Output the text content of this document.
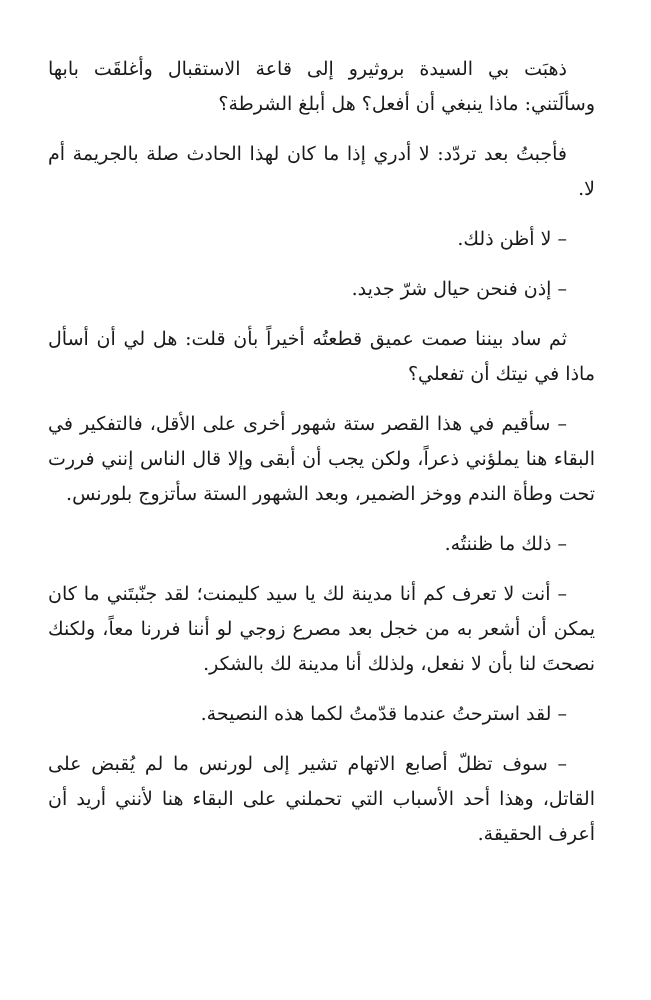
ذهبَت بي السيدة بروثيرو إلى قاعة الاستقبال وأغلقَت بابها وسألَتني: ماذا ينبغي أن أفعل؟ هل أبلغ الشرطة؟

فأجبتُ بعد تردّد: لا أدري إذا ما كان لهذا الحادث صلة بالجريمة أم لا.

– لا أظن ذلك.

– إذن فنحن حيال شرّ جديد.

ثم ساد بيننا صمت عميق قطعتُه أخيراً بأن قلت: هل لي أن أسأل ماذا في نيتك أن تفعلي؟

– سأقيم في هذا القصر ستة شهور أخرى على الأقل، فالتفكير في البقاء هنا يملؤني ذعراً، ولكن يجب أن أبقى وإلا قال الناس إنني فررت تحت وطأة الندم ووخز الضمير، وبعد الشهور الستة سأتزوج بلورنس.

– ذلك ما ظننتُه.

– أنت لا تعرف كم أنا مدينة لك يا سيد كليمنت؛ لقد جنّبتَني ما كان يمكن أن أشعر به من خجل بعد مصرع زوجي لو أننا فررنا معاً، ولكنك نصحتَ لنا بأن لا نفعل، ولذلك أنا مدينة لك بالشكر.

– لقد استرحتُ عندما قدّمتُ لكما هذه النصيحة.

– سوف تظلّ أصابع الاتهام تشير إلى لورنس ما لم يُقبض على القاتل، وهذا أحد الأسباب التي تحملني على البقاء هنا لأنني أريد أن أعرف الحقيقة.
